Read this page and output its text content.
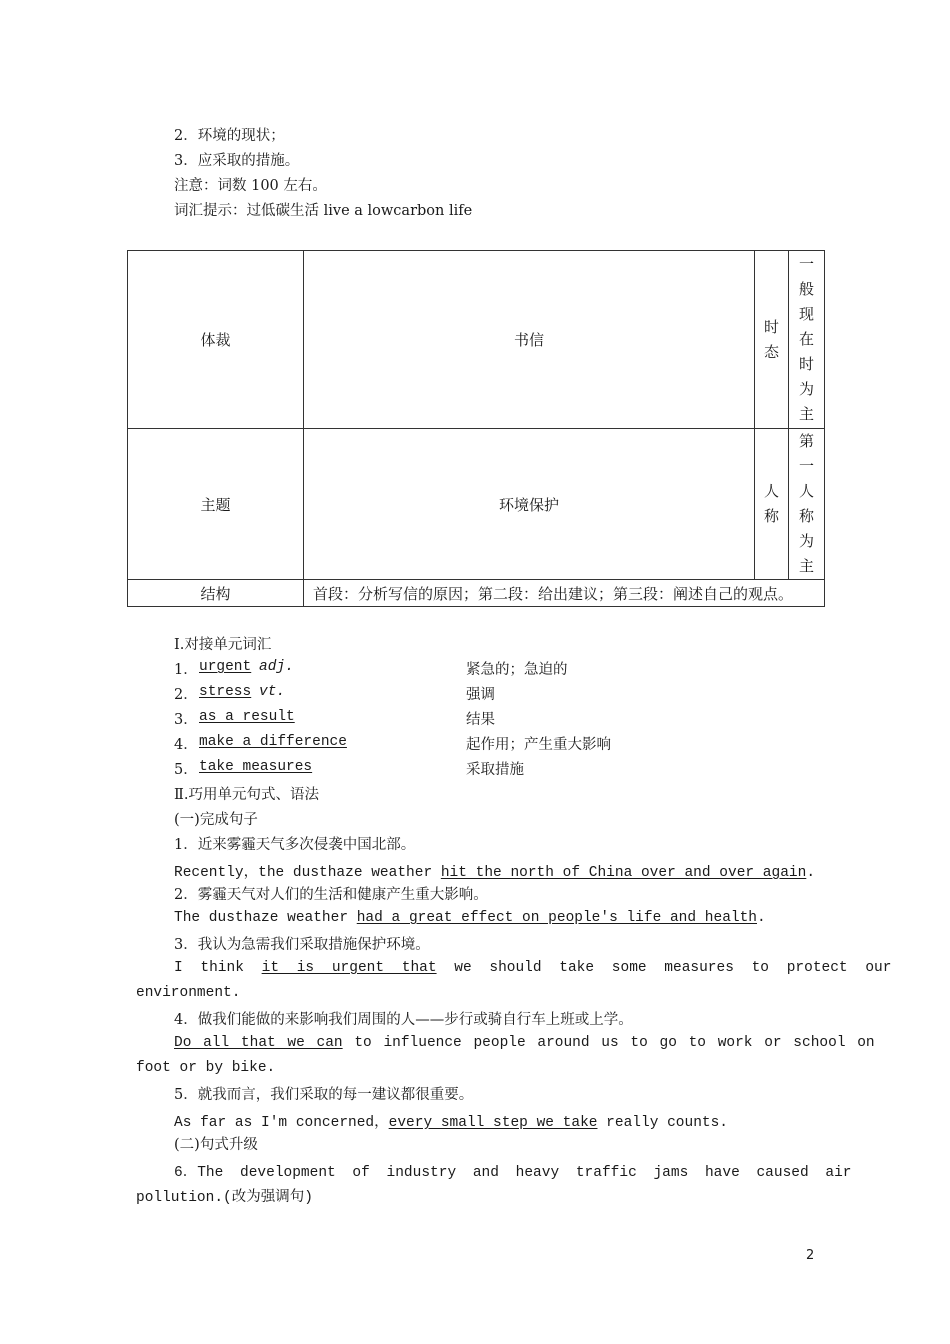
2．环境的现状；
3．应采取的措施。
注意：词数 100 左右。
词汇提示：过低碳生活 live a lowcarbon life
体裁	书信	时态	一般现在时为主

主题	环境保护	人称	第一人称为主

结构	首段：分析写信的原因；第二段：给出建议；第三段：阐述自己的观点。		
Ⅰ.对接单元词汇
1． urgent adj.	紧急的；急迫的
2． stress vt.	强调
3． as a result	结果
4． make a difference	起作用；产生重大影响
5． take measures	采取措施
Ⅱ.巧用单元句式、语法
(一)完成句子
1．近来雾霾天气多次侵袭中国北部。
Recently，the dusthaze weather hit the north of China over and over again.
2．雾霾天气对人们的生活和健康产生重大影响。
The dusthaze weather had a great effect on people's life and health.
3．我认为急需我们采取措施保护环境。
I think it is urgent that we should take some measures to protect our
environment.
4．做我们能做的来影响我们周围的人——步行或骑自行车上班或上学。
Do all that we can to influence people around us to go to work or school on
foot or by bike.
5．就我而言，我们采取的每一建议都很重要。
As far as I'm concerned，every small step we take really counts.
(二)句式升级
6．The development of industry and heavy traffic jams have caused air
pollution.(改为强调句)
2
